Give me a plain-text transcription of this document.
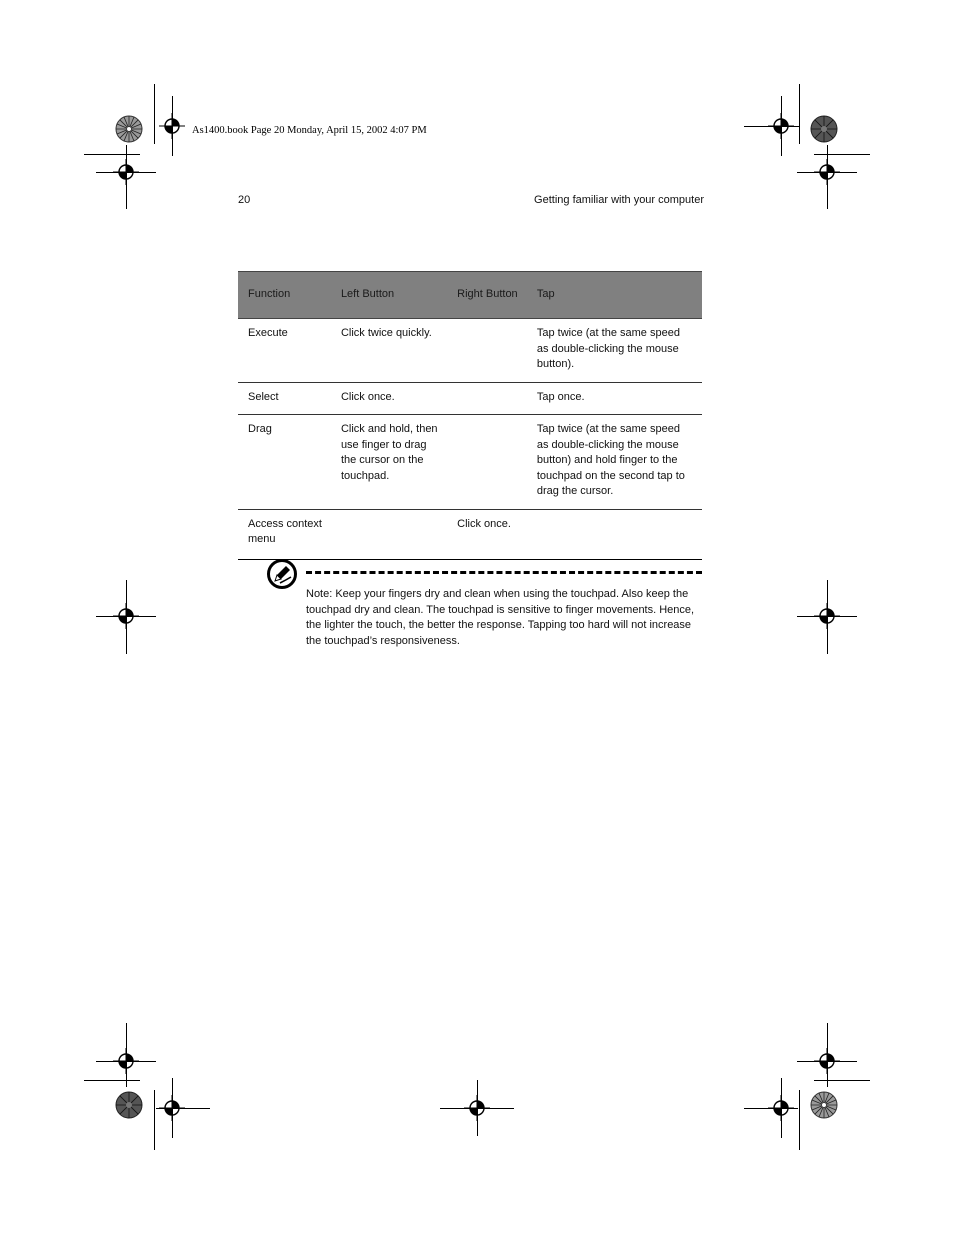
As1400.book Page 20 Monday, April 15, 2002 4:07 PM
20	Getting familiar with your computer
Function	Left Button	Right Button	Tap
Execute	Click twice quickly.		Tap twice (at the same speed as double-clicking the mouse button).
Select	Click once.		Tap once.
Drag	Click and hold, then use finger to drag the cursor on the touchpad.		Tap twice (at the same speed as double-clicking the mouse button) and hold finger to the touchpad on the second tap to drag the cursor.
Access context menu		Click once.	
Note: Keep your fingers dry and clean when using the touchpad. Also keep the touchpad dry and clean. The touchpad is sensitive to finger movements. Hence, the lighter the touch, the better the response. Tapping too hard will not increase the touchpad’s responsiveness.
